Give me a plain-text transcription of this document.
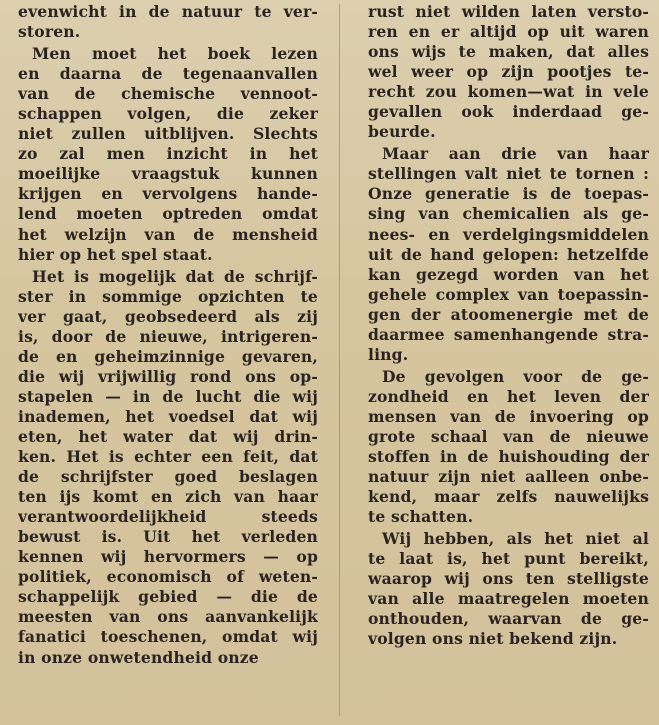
evenwicht in de natuur te ver-
storen.
Men moet het boek lezen
en daarna de tegenaanvallen
van de chemische vennoot-
schappen volgen, die zeker
niet zullen uitblijven. Slechts
zo zal men inzicht in het
moeilijke vraagstuk kunnen
krijgen en vervolgens hande-
lend moeten optreden omdat
het welzijn van de mensheid
hier op het spel staat.
Het is mogelijk dat de schrijf-
ster in sommige opzichten te
ver gaat, geobsedeerd als zij
is, door de nieuwe, intrigeren-
de en geheimzinnige gevaren,
die wij vrijwillig rond ons op-
stapelen — in de lucht die wij
inademen, het voedsel dat wij
eten, het water dat wij drin-
ken. Het is echter een feit, dat
de schrijfster goed beslagen
ten ijs komt en zich van haar
verantwoordelijkheid steeds
bewust is. Uit het verleden
kennen wij hervormers — op
politiek, economisch of weten-
schappelijk gebied — die de
meesten van ons aanvankelijk
fanatici toeschenen, omdat wij
in onze onwetendheid onze
rust niet wilden laten versto-
ren en er altijd op uit waren
ons wijs te maken, dat alles
wel weer op zijn pootjes te-
recht zou komen—wat in vele
gevallen ook inderdaad ge-
beurde.
Maar aan drie van haar
stellingen valt niet te tornen :
Onze generatie is de toepas-
sing van chemicalien als ge-
nees- en verdelgingsmiddelen
uit de hand gelopen: hetzelfde
kan gezegd worden van het
gehele complex van toepassin-
gen der atoomenergie met de
daarmee samenhangende stra-
ling.
De gevolgen voor de ge-
zondheid en het leven der
mensen van de invoering op
grote schaal van de nieuwe
stoffen in de huishouding der
natuur zijn niet aalleen onbe-
kend, maar zelfs nauwelijks
te schatten.
Wij hebben, als het niet al
te laat is, het punt bereikt,
waarop wij ons ten stelligste
van alle maatregelen moeten
onthouden, waarvan de ge-
volgen ons niet bekend zijn.
